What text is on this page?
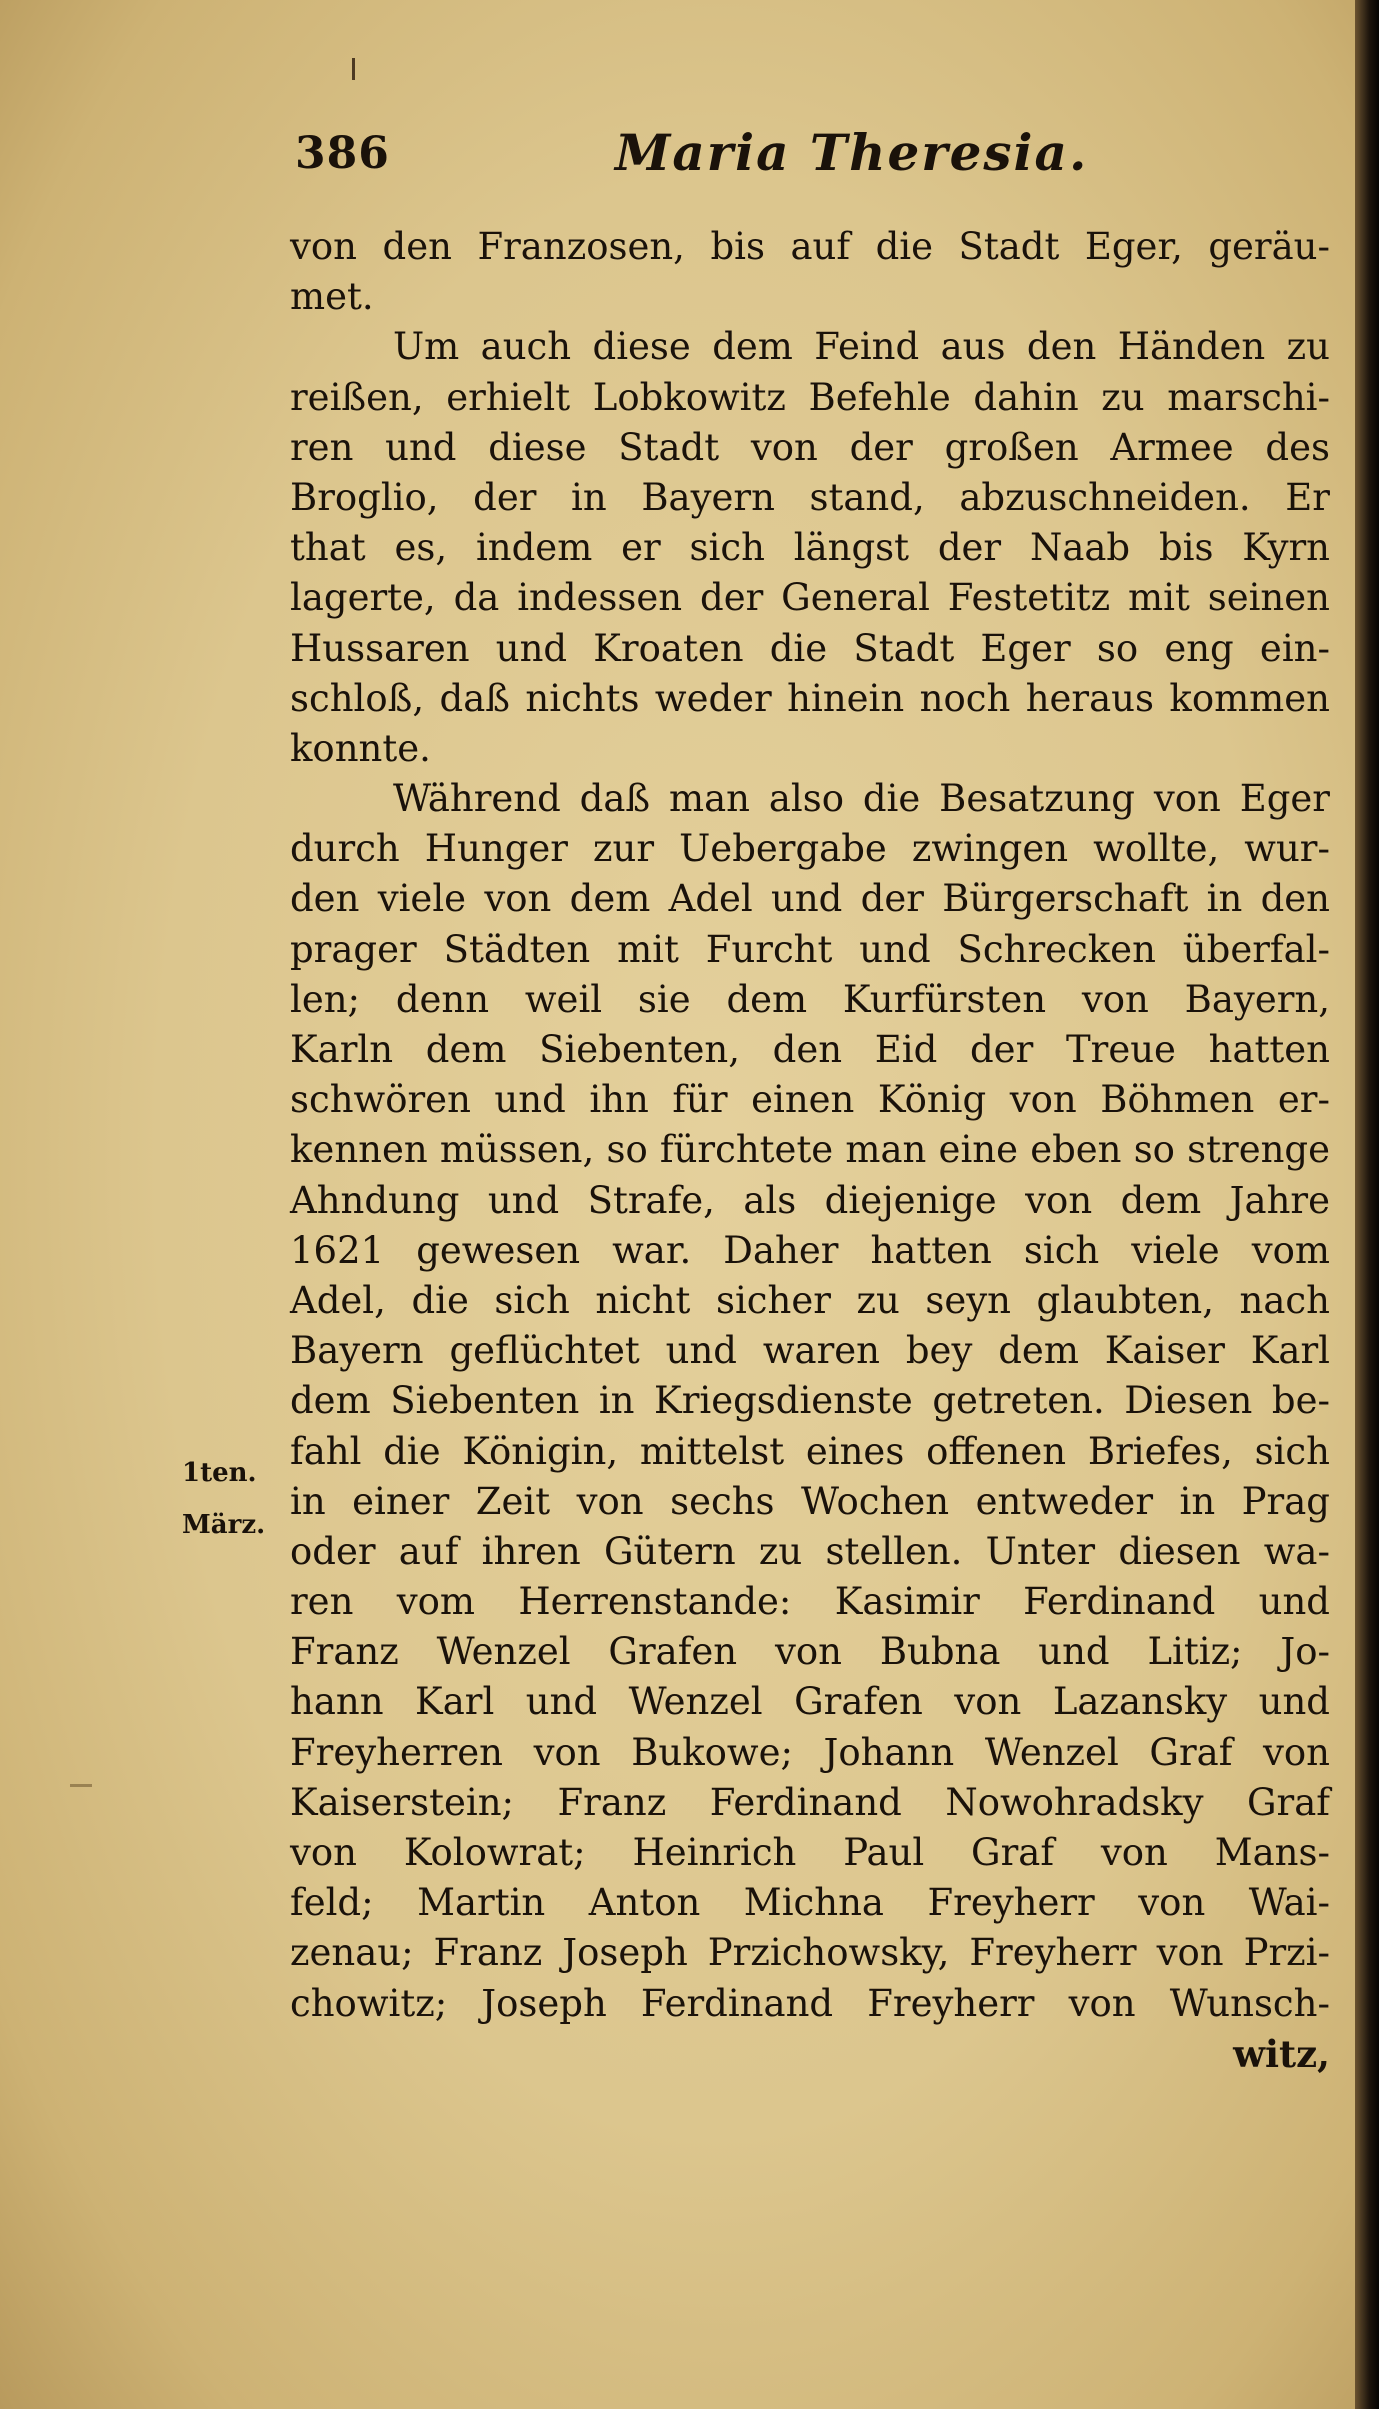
386	Maria Theresia.
1ten.
März.
von den Franzosen, bis auf die Stadt Eger, geräu-
met.
Um auch diese dem Feind aus den Händen zu
reißen, erhielt Lobkowitz Befehle dahin zu marschi-
ren und diese Stadt von der großen Armee des
Broglio, der in Bayern stand, abzuschneiden. Er
that es, indem er sich längst der Naab bis Kyrn
lagerte, da indessen der General Festetitz mit seinen
Hussaren und Kroaten die Stadt Eger so eng ein-
schloß, daß nichts weder hinein noch heraus kommen
konnte.
Während daß man also die Besatzung von Eger
durch Hunger zur Uebergabe zwingen wollte, wur-
den viele von dem Adel und der Bürgerschaft in den
prager Städten mit Furcht und Schrecken überfal-
len; denn weil sie dem Kurfürsten von Bayern,
Karln dem Siebenten, den Eid der Treue hatten
schwören und ihn für einen König von Böhmen er-
kennen müssen, so fürchtete man eine eben so strenge
Ahndung und Strafe, als diejenige von dem Jahre
1621 gewesen war. Daher hatten sich viele vom
Adel, die sich nicht sicher zu seyn glaubten, nach
Bayern geflüchtet und waren bey dem Kaiser Karl
dem Siebenten in Kriegsdienste getreten. Diesen be-
fahl die Königin, mittelst eines offenen Briefes, sich
in einer Zeit von sechs Wochen entweder in Prag
oder auf ihren Gütern zu stellen. Unter diesen wa-
ren vom Herrenstande: Kasimir Ferdinand und
Franz Wenzel Grafen von Bubna und Litiz; Jo-
hann Karl und Wenzel Grafen von Lazansky und
Freyherren von Bukowe; Johann Wenzel Graf von
Kaiserstein; Franz Ferdinand Nowohradsky Graf
von Kolowrat; Heinrich Paul Graf von Mans-
feld; Martin Anton Michna Freyherr von Wai-
zenau; Franz Joseph Przichowsky, Freyherr von Przi-
chowitz; Joseph Ferdinand Freyherr von Wunsch-
witz,
